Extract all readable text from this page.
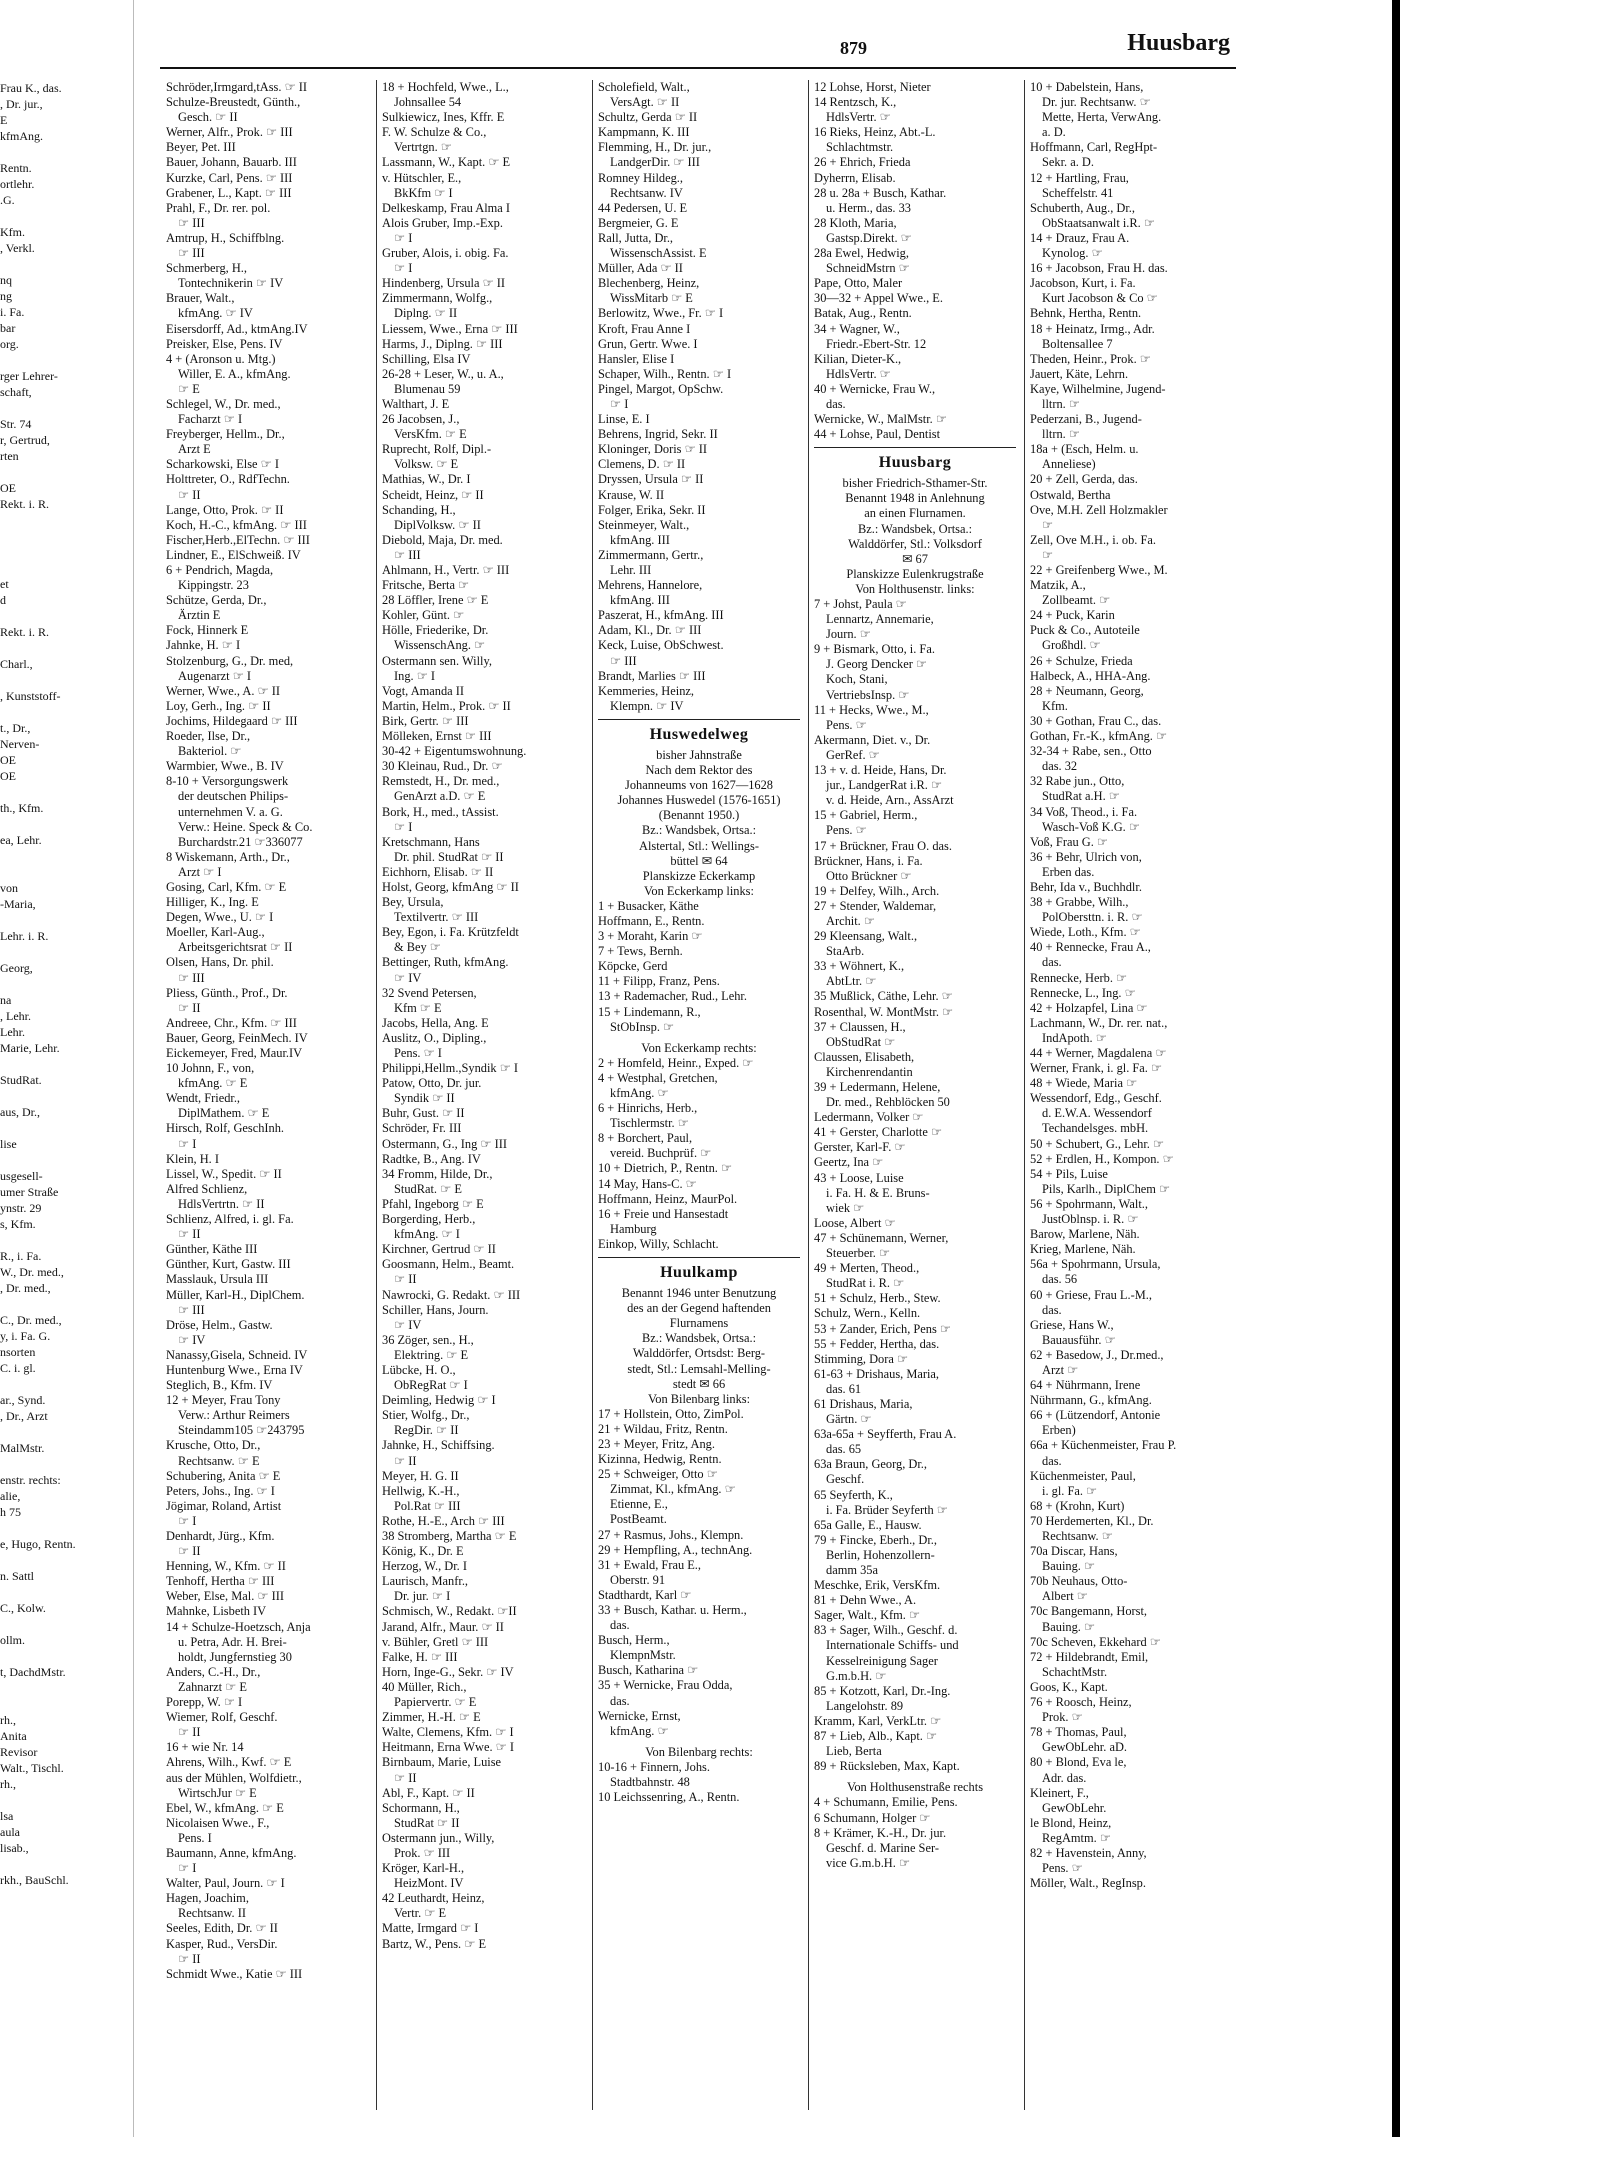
Frau K., das.
, Dr. jur.,
E
kfmAng.

Rentn.
ortlehr.
.G.

Kfm.
, Verkl.

nq
ng
i. Fa.
bar
org.

rger Lehrer-
schaft,

Str. 74
r, Gertrud,
rten

OE
Rekt. i. R.

et
d

Rekt. i. R.

Charl.,

, Kunststoff-

t., Dr.,
Nerven-
OE
OE

th., Kfm.

ea, Lehr.

von
-Maria,

Lehr. i. R.

Georg,

na
, Lehr.
Lehr.
Marie, Lehr.

StudRat.

aus, Dr.,

lise

usgesell-
umer Straße
ynstr. 29
s, Kfm.

R., i. Fa.
W., Dr. med.,
, Dr. med.,

C., Dr. med.,
y, i. Fa. G.
nsorten
C. i. gl.

ar., Synd.
, Dr., Arzt

MalMstr.

enstr. rechts:
alie,
h 75

e, Hugo, Rentn.

n. Sattl

C., Kolw.

ollm.

t, DachdMstr.

rh.,
Anita
Revisor
Walt., Tischl.
rh.,

lsa
aula
lisab.,

rkh., BauSchl.
879	Huusbarg
Schröder,Irmgard,tAss. ☞ II
Schulze-Breustedt, Günth.,
Gesch. ☞ II
Werner, Alfr., Prok. ☞ III
Beyer, Pet. III
Bauer, Johann, Bauarb. III
Kurzke, Carl, Pens. ☞ III
Grabener, L., Kapt. ☞ III
Prahl, F., Dr. rer. pol.
☞ III
Amtrup, H., Schiffblng.
☞ III
Schmerberg, H.,
Tontechnikerin ☞ IV
Brauer, Walt.,
kfmAng. ☞ IV
Eisersdorff, Ad., ktmAng.IV
Preisker, Else, Pens. IV
4 + (Aronson u. Mtg.)
Willer, E. A., kfmAng.
☞ E
Schlegel, W., Dr. med.,
Facharzt ☞ I
Freyberger, Hellm., Dr.,
Arzt E
Scharkowski, Else ☞ I
Holttreter, O., RdfTechn.
☞ II
Lange, Otto, Prok. ☞ II
Koch, H.-C., kfmAng. ☞ III
Fischer,Herb.,ElTechn. ☞ III
Lindner, E., ElSchweiß. IV
6 + Pendrich, Magda,
Kippingstr. 23
Schütze, Gerda, Dr.,
Ärztin E
Fock, Hinnerk E
Jahnke, H. ☞ I
Stolzenburg, G., Dr. med,
Augenarzt ☞ I
Werner, Wwe., A. ☞ II
Loy, Gerh., Ing. ☞ II
Jochims, Hildegaard ☞ III
Roeder, Ilse, Dr.,
Bakteriol. ☞
Warmbier, Wwe., B. IV
8-10 + Versorgungswerk
der deutschen Philips-
unternehmen V. a. G.
Verw.: Heine. Speck & Co.
Burchardstr.21 ☞336077
8 Wiskemann, Arth., Dr.,
Arzt ☞ I
Gosing, Carl, Kfm. ☞ E
Hilliger, K., Ing. E
Degen, Wwe., U. ☞ I
Moeller, Karl-Aug.,
Arbeitsgerichtsrat ☞ II
Olsen, Hans, Dr. phil.
☞ III
Pliess, Günth., Prof., Dr.
☞ II
Andreee, Chr., Kfm. ☞ III
Bauer, Georg, FeinMech. IV
Eickemeyer, Fred, Maur.IV
10 Johnn, F., von,
kfmAng. ☞ E
Wendt, Friedr.,
DiplMathem. ☞ E
Hirsch, Rolf, GeschInh.
☞ I
Klein, H. I
Lissel, W., Spedit. ☞ II
Alfred Schlienz,
HdlsVertrtn. ☞ II
Schlienz, Alfred, i. gl. Fa.
☞ II
Günther, Käthe III
Günther, Kurt, Gastw. III
Masslauk, Ursula III
Müller, Karl-H., DiplChem.
☞ III
Dröse, Helm., Gastw.
☞ IV
Nanassy,Gisela, Schneid. IV
Huntenburg Wwe., Erna IV
Steglich, B., Kfm. IV
12 + Meyer, Frau Tony
Verw.: Arthur Reimers
Steindamm105 ☞243795
Krusche, Otto, Dr.,
Rechtsanw. ☞ E
Schubering, Anita ☞ E
Peters, Johs., Ing. ☞ I
Jögimar, Roland, Artist
☞ I
Denhardt, Jürg., Kfm.
☞ II
Henning, W., Kfm. ☞ II
Tenhoff, Hertha ☞ III
Weber, Else, Mal. ☞ III
Mahnke, Lisbeth IV
14 + Schulze-Hoetzsch, Anja
u. Petra, Adr. H. Brei-
holdt, Jungfernstieg 30
Anders, C.-H., Dr.,
Zahnarzt ☞ E
Porepp, W. ☞ I
Wiemer, Rolf, Geschf.
☞ II
16 + wie Nr. 14
Ahrens, Wilh., Kwf. ☞ E
aus der Mühlen, Wolfdietr.,
WirtschJur ☞ E
Ebel, W., kfmAng. ☞ E
Nicolaisen Wwe., F.,
Pens. I
Baumann, Anne, kfmAng.
☞ I
Walter, Paul, Journ. ☞ I
Hagen, Joachim,
Rechtsanw. II
Seeles, Edith, Dr. ☞ II
Kasper, Rud., VersDir.
☞ II
Schmidt Wwe., Katie ☞ III
18 + Hochfeld, Wwe., L.,
Johnsallee 54
Sulkiewicz, Ines, Kffr. E
F. W. Schulze & Co.,
Vertrtgn. ☞
Lassmann, W., Kapt. ☞ E
v. Hütschler, E.,
BkKfm ☞ I
Delkeskamp, Frau Alma I
Alois Gruber, Imp.-Exp.
☞ I
Gruber, Alois, i. obig. Fa.
☞ I
Hindenberg, Ursula ☞ II
Zimmermann, Wolfg.,
Diplng. ☞ II
Liessem, Wwe., Erna ☞ III
Harms, J., Diplng. ☞ III
Schilling, Elsa IV
26-28 + Leser, W., u. A.,
Blumenau 59
Walthart, J. E
26 Jacobsen, J.,
VersKfm. ☞ E
Ruprecht, Rolf, Dipl.-
Volksw. ☞ E
Mathias, W., Dr. I
Scheidt, Heinz, ☞ II
Schanding, H.,
DiplVolksw. ☞ II
Diebold, Maja, Dr. med.
☞ III
Ahlmann, H., Vertr. ☞ III
Fritsche, Berta ☞
28 Löffler, Irene ☞ E
Kohler, Günt. ☞
Hölle, Friederike, Dr.
WissenschAng. ☞
Ostermann sen. Willy,
Ing. ☞ I
Vogt, Amanda II
Martin, Helm., Prok. ☞ II
Birk, Gertr. ☞ III
Mölleken, Ernst ☞ III
30-42 + Eigentumswohnung.
30 Kleinau, Rud., Dr. ☞
Remstedt, H., Dr. med.,
GenArzt a.D. ☞ E
Bork, H., med., tAssist.
☞ I
Kretschmann, Hans
Dr. phil. StudRat ☞ II
Eichhorn, Elisab. ☞ II
Holst, Georg, kfmAng ☞ II
Bey, Ursula,
Textilvertr. ☞ III
Bey, Egon, i. Fa. Krützfeldt
& Bey ☞
Bettinger, Ruth, kfmAng.
☞ IV
32 Svend Petersen,
Kfm ☞ E
Jacobs, Hella, Ang. E
Auslitz, O., Dipling.,
Pens. ☞ I
Philippi,Hellm.,Syndik ☞ I
Patow, Otto, Dr. jur.
Syndik ☞ II
Buhr, Gust. ☞ II
Schröder, Fr. III
Ostermann, G., Ing ☞ III
Radtke, B., Ang. IV
34 Fromm, Hilde, Dr.,
StudRat. ☞ E
Pfahl, Ingeborg ☞ E
Borgerding, Herb.,
kfmAng. ☞ I
Kirchner, Gertrud ☞ II
Goosmann, Helm., Beamt.
☞ II
Nawrocki, G. Redakt. ☞ III
Schiller, Hans, Journ.
☞ IV
36 Zöger, sen., H.,
Elektring. ☞ E
Lübcke, H. O.,
ObRegRat ☞ I
Deimling, Hedwig ☞ I
Stier, Wolfg., Dr.,
RegDir. ☞ II
Jahnke, H., Schiffsing.
☞ II
Meyer, H. G. II
Hellwig, K.-H.,
Pol.Rat ☞ III
Rothe, H.-E., Arch ☞ III
38 Stromberg, Martha ☞ E
König, K., Dr. E
Herzog, W., Dr. I
Laurisch, Manfr.,
Dr. jur. ☞ I
Schmisch, W., Redakt. ☞II
Jarand, Alfr., Maur. ☞ II
v. Bühler, Gretl ☞ III
Falke, H. ☞ III
Horn, Inge-G., Sekr. ☞ IV
40 Müller, Rich.,
Papiervertr. ☞ E
Zimmer, H.-H. ☞ E
Walte, Clemens, Kfm. ☞ I
Heitmann, Erna Wwe. ☞ I
Birnbaum, Marie, Luise
☞ II
Abl, F., Kapt. ☞ II
Schormann, H.,
StudRat ☞ II
Ostermann jun., Willy,
Prok. ☞ III
Kröger, Karl-H.,
HeizMont. IV
42 Leuthardt, Heinz,
Vertr. ☞ E
Matte, Irmgard ☞ I
Bartz, W., Pens. ☞ E
Scholefield, Walt.,
VersAgt. ☞ II
Schultz, Gerda ☞ II
Kampmann, K. III
Flemming, H., Dr. jur.,
LandgerDir. ☞ III
Romney Hildeg.,
Rechtsanw. IV
44 Pedersen, U. E
Bergmeier, G. E
Rall, Jutta, Dr.,
WissenschAssist. E
Müller, Ada ☞ II
Blechenberg, Heinz,
WissMitarb ☞ E
Berlowitz, Wwe., Fr. ☞ I
Kroft, Frau Anne I
Grun, Gertr. Wwe. I
Hansler, Elise I
Schaper, Wilh., Rentn. ☞ I
Pingel, Margot, OpSchw.
☞ I
Linse, E. I
Behrens, Ingrid, Sekr. II
Kloninger, Doris ☞ II
Clemens, D. ☞ II
Dryssen, Ursula ☞ II
Krause, W. II
Folger, Erika, Sekr. II
Steinmeyer, Walt.,
kfmAng. III
Zimmermann, Gertr.,
Lehr. III
Mehrens, Hannelore,
kfmAng. III
Paszerat, H., kfmAng. III
Adam, Kl., Dr. ☞ III
Keck, Luise, ObSchwest.
☞ III
Brandt, Marlies ☞ III
Kemmeries, Heinz,
Klempn. ☞ IV
Huswedelweg
bisher Jahnstraße
Nach dem Rektor des
Johanneums von 1627—1628
Johannes Huswedel (1576-1651)
(Benannt 1950.)
Bz.: Wandsbek, Ortsa.:
Alstertal, Stl.: Wellings-
büttel ✉ 64
Planskizze Eckerkamp
Von Eckerkamp links:
1 + Busacker, Käthe
Hoffmann, E., Rentn.
3 + Moraht, Karin ☞
7 + Tews, Bernh.
Köpcke, Gerd
11 + Filipp, Franz, Pens.
13 + Rademacher, Rud., Lehr.
15 + Lindemann, R.,
StObInsp. ☞
Von Eckerkamp rechts:
2 + Homfeld, Heinr., Exped. ☞
4 + Westphal, Gretchen,
kfmAng. ☞
6 + Hinrichs, Herb.,
Tischlermstr. ☞
8 + Borchert, Paul,
vereid. Buchprüf. ☞
10 + Dietrich, P., Rentn. ☞
14 May, Hans-C. ☞
Hoffmann, Heinz, MaurPol.
16 + Freie und Hansestadt
Hamburg
Einkop, Willy, Schlacht.
Huulkamp
Benannt 1946 unter Benutzung
des an der Gegend haftenden
Flurnamens
Bz.: Wandsbek, Ortsa.:
Walddörfer, Ortsdst: Berg-
stedt, Stl.: Lemsahl-Melling-
stedt ✉ 66
Von Bilenbarg links:
17 + Hollstein, Otto, ZimPol.
21 + Wildau, Fritz, Rentn.
23 + Meyer, Fritz, Ang.
Kizinna, Hedwig, Rentn.
25 + Schweiger, Otto ☞
Zimmat, Kl., kfmAng. ☞
Etienne, E.,
PostBeamt.
27 + Rasmus, Johs., Klempn.
29 + Hempfling, A., technAng.
31 + Ewald, Frau E.,
Oberstr. 91
Stadthardt, Karl ☞
33 + Busch, Kathar. u. Herm.,
das.
Busch, Herm.,
KlempnMstr.
Busch, Katharina ☞
35 + Wernicke, Frau Odda,
das.
Wernicke, Ernst,
kfmAng. ☞
Von Bilenbarg rechts:
10-16 + Finnern, Johs.
Stadtbahnstr. 48
10 Leichssenring, A., Rentn.
12 Lohse, Horst, Nieter
14 Rentzsch, K.,
HdlsVertr. ☞
16 Rieks, Heinz, Abt.-L.
Schlachtmstr.
26 + Ehrich, Frieda
Dyherrn, Elisab.
28 u. 28a + Busch, Kathar.
u. Herm., das. 33
28 Kloth, Maria,
Gastsp.Direkt. ☞
28a Ewel, Hedwig,
SchneidMstrn ☞
Pape, Otto, Maler
30—32 + Appel Wwe., E.
Batak, Aug., Rentn.
34 + Wagner, W.,
Friedr.-Ebert-Str. 12
Kilian, Dieter-K.,
HdlsVertr. ☞
40 + Wernicke, Frau W.,
das.
Wernicke, W., MalMstr. ☞
44 + Lohse, Paul, Dentist
Huusbarg
bisher Friedrich-Sthamer-Str.
Benannt 1948 in Anlehnung
an einen Flurnamen.
Bz.: Wandsbek, Ortsa.:
Walddörfer, Stl.: Volksdorf
✉ 67
Planskizze Eulenkrugstraße
Von Holthusenstr. links:
7 + Johst, Paula ☞
Lennartz, Annemarie,
Journ. ☞
9 + Bismark, Otto, i. Fa.
J. Georg Dencker ☞
Koch, Stani,
VertriebsInsp. ☞
11 + Hecks, Wwe., M.,
Pens. ☞
Akermann, Diet. v., Dr.
GerRef. ☞
13 + v. d. Heide, Hans, Dr.
jur., LandgerRat i.R. ☞
v. d. Heide, Arn., AssArzt
15 + Gabriel, Herm.,
Pens. ☞
17 + Brückner, Frau O. das.
Brückner, Hans, i. Fa.
Otto Brückner ☞
19 + Delfey, Wilh., Arch.
27 + Stender, Waldemar,
Archit. ☞
29 Kleensang, Walt.,
StaArb.
33 + Wöhnert, K.,
AbtLtr. ☞
35 Mußlick, Cäthe, Lehr. ☞
Rosenthal, W. MontMstr. ☞
37 + Claussen, H.,
ObStudRat ☞
Claussen, Elisabeth,
Kirchenrendantin
39 + Ledermann, Helene,
Dr. med., Rehblöcken 50
Ledermann, Volker ☞
41 + Gerster, Charlotte ☞
Gerster, Karl-F. ☞
Geertz, Ina ☞
43 + Loose, Luise
i. Fa. H. & E. Bruns-
wiek ☞
Loose, Albert ☞
47 + Schünemann, Werner,
Steuerber. ☞
49 + Merten, Theod.,
StudRat i. R. ☞
51 + Schulz, Herb., Stew.
Schulz, Wern., Kelln.
53 + Zander, Erich, Pens ☞
55 + Fedder, Hertha, das.
Stimming, Dora ☞
61-63 + Drishaus, Maria,
das. 61
61 Drishaus, Maria,
Gärtn. ☞
63a-65a + Seyfferth, Frau A.
das. 65
63a Braun, Georg, Dr.,
Geschf.
65 Seyferth, K.,
i. Fa. Brüder Seyferth ☞
65a Galle, E., Hausw.
79 + Fincke, Eberh., Dr.,
Berlin, Hohenzollern-
damm 35a
Meschke, Erik, VersKfm.
81 + Dehn Wwe., A.
Sager, Walt., Kfm. ☞
83 + Sager, Wilh., Geschf. d.
Internationale Schiffs- und
Kesselreinigung Sager
G.m.b.H. ☞
85 + Kotzott, Karl, Dr.-Ing.
Langelohstr. 89
Kramm, Karl, VerkLtr. ☞
87 + Lieb, Alb., Kapt. ☞
Lieb, Berta
89 + Rücksleben, Max, Kapt.
Von Holthusenstraße rechts
4 + Schumann, Emilie, Pens.
6 Schumann, Holger ☞
8 + Krämer, K.-H., Dr. jur.
Geschf. d. Marine Ser-
vice G.m.b.H. ☞
10 + Dabelstein, Hans,
Dr. jur. Rechtsanw. ☞
Mette, Herta, VerwAng.
a. D.
Hoffmann, Carl, RegHpt-
Sekr. a. D.
12 + Hartling, Frau,
Scheffelstr. 41
Schuberth, Aug., Dr.,
ObStaatsanwalt i.R. ☞
14 + Drauz, Frau A.
Kynolog. ☞
16 + Jacobson, Frau H. das.
Jacobson, Kurt, i. Fa.
Kurt Jacobson & Co ☞
Behnk, Hertha, Rentn.
18 + Heinatz, Irmg., Adr.
Boltensallee 7
Theden, Heinr., Prok. ☞
Jauert, Käte, Lehrn.
Kaye, Wilhelmine, Jugend-
lltrn. ☞
Pederzani, B., Jugend-
lltrn. ☞
18a + (Esch, Helm. u.
Anneliese)
20 + Zell, Gerda, das.
Ostwald, Bertha
Ove, M.H. Zell Holzmakler
☞
Zell, Ove M.H., i. ob. Fa.
☞
22 + Greifenberg Wwe., M.
Matzik, A.,
Zollbeamt. ☞
24 + Puck, Karin
Puck & Co., Autoteile
Großhdl. ☞
26 + Schulze, Frieda
Halbeck, A., HHA-Ang.
28 + Neumann, Georg,
Kfm.
30 + Gothan, Frau C., das.
Gothan, Fr.-K., kfmAng. ☞
32-34 + Rabe, sen., Otto
das. 32
32 Rabe jun., Otto,
StudRat a.H. ☞
34 Voß, Theod., i. Fa.
Wasch-Voß K.G. ☞
Voß, Frau G. ☞
36 + Behr, Ulrich von,
Erben das.
Behr, Ida v., Buchhdlr.
38 + Grabbe, Wilh.,
PolObersttn. i. R. ☞
Wiede, Loth., Kfm. ☞
40 + Rennecke, Frau A.,
das.
Rennecke, Herb. ☞
Rennecke, L., Ing. ☞
42 + Holzapfel, Lina ☞
Lachmann, W., Dr. rer. nat.,
IndApoth. ☞
44 + Werner, Magdalena ☞
Werner, Frank, i. gl. Fa. ☞
48 + Wiede, Maria ☞
Wessendorf, Edg., Geschf.
d. E.W.A. Wessendorf
Techandelsges. mbH.
50 + Schubert, G., Lehr. ☞
52 + Erdlen, H., Kompon. ☞
54 + Pils, Luise
Pils, Karlh., DiplChem ☞
56 + Spohrmann, Walt.,
JustOblnsp. i. R. ☞
Barow, Marlene, Näh.
Krieg, Marlene, Näh.
56a + Spohrmann, Ursula,
das. 56
60 + Griese, Frau L.-M.,
das.
Griese, Hans W.,
Bauausführ. ☞
62 + Basedow, J., Dr.med.,
Arzt ☞
64 + Nührmann, Irene
Nührmann, G., kfmAng.
66 + (Lützendorf, Antonie
Erben)
66a + Küchenmeister, Frau P.
das.
Küchenmeister, Paul,
i. gl. Fa. ☞
68 + (Krohn, Kurt)
70 Herdemerten, Kl., Dr.
Rechtsanw. ☞
70a Discar, Hans,
Bauing. ☞
70b Neuhaus, Otto-
Albert ☞
70c Bangemann, Horst,
Bauing. ☞
70c Scheven, Ekkehard ☞
72 + Hildebrandt, Emil,
SchachtMstr.
Goos, K., Kapt.
76 + Roosch, Heinz,
Prok. ☞
78 + Thomas, Paul,
GewObLehr. aD.
80 + Blond, Eva le,
Adr. das.
Kleinert, F.,
GewObLehr.
le Blond, Heinz,
RegAmtm. ☞
82 + Havenstein, Anny,
Pens. ☞
Möller, Walt., RegInsp.
